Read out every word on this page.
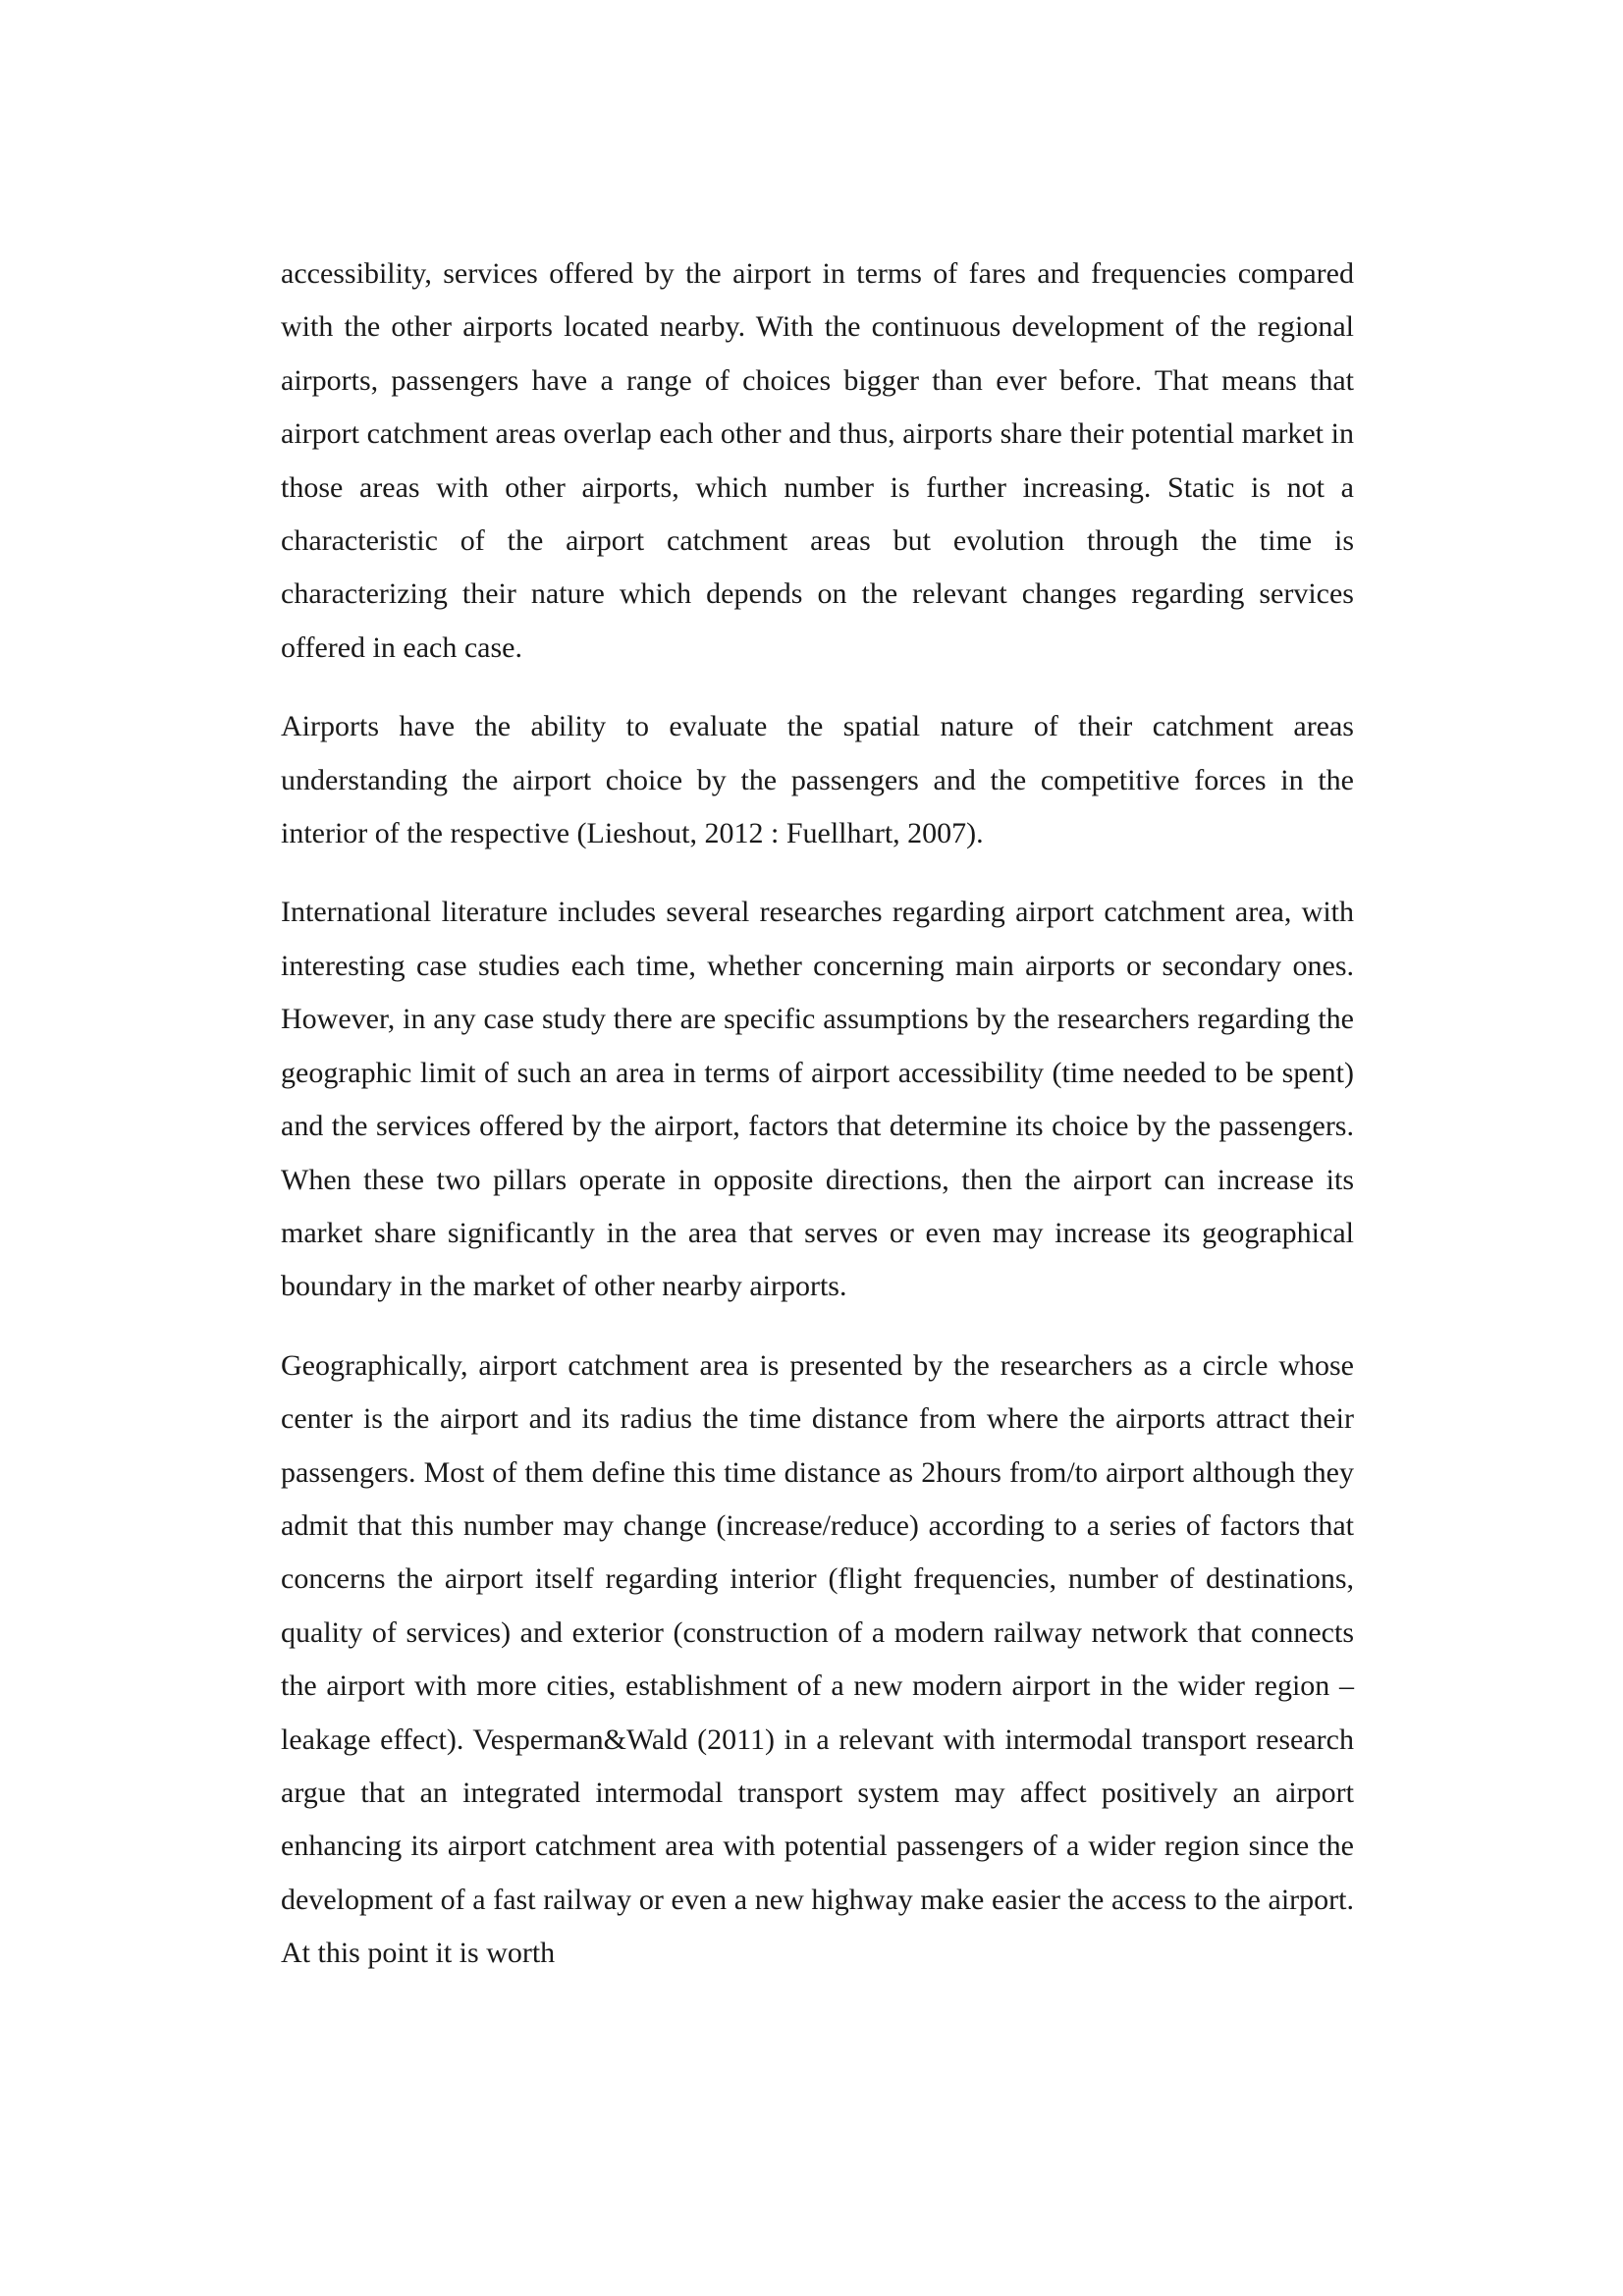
accessibility, services offered by the airport in terms of fares and frequencies compared with the other airports located nearby. With the continuous development of the regional airports, passengers have a range of choices bigger than ever before. That means that airport catchment areas overlap each other and thus, airports share their potential market in those areas with other airports, which number is further increasing. Static is not a characteristic of the airport catchment areas but evolution through the time is characterizing their nature which depends on the relevant changes regarding services offered in each case.

Airports have the ability to evaluate the spatial nature of their catchment areas understanding the airport choice by the passengers and the competitive forces in the interior of the respective (Lieshout, 2012 : Fuellhart, 2007).

International literature includes several researches regarding airport catchment area, with interesting case studies each time, whether concerning main airports or secondary ones. However, in any case study there are specific assumptions by the researchers regarding the geographic limit of such an area in terms of airport accessibility (time needed to be spent) and the services offered by the airport, factors that determine its choice by the passengers. When these two pillars operate in opposite directions, then the airport can increase its market share significantly in the area that serves or even may increase its geographical boundary in the market of other nearby airports.

Geographically, airport catchment area is presented by the researchers as a circle whose center is the airport and its radius the time distance from where the airports attract their passengers. Most of them define this time distance as 2hours from/to airport although they admit that this number may change (increase/reduce) according to a series of factors that concerns the airport itself regarding interior (flight frequencies, number of destinations, quality of services) and exterior (construction of a modern railway network that connects the airport with more cities, establishment of a new modern airport in the wider region – leakage effect). Vesperman&Wald (2011) in a relevant with intermodal transport research argue that an integrated intermodal transport system may affect positively an airport enhancing its airport catchment area with potential passengers of a wider region since the development of a fast railway or even a new highway make easier the access to the airport. At this point it is worth
